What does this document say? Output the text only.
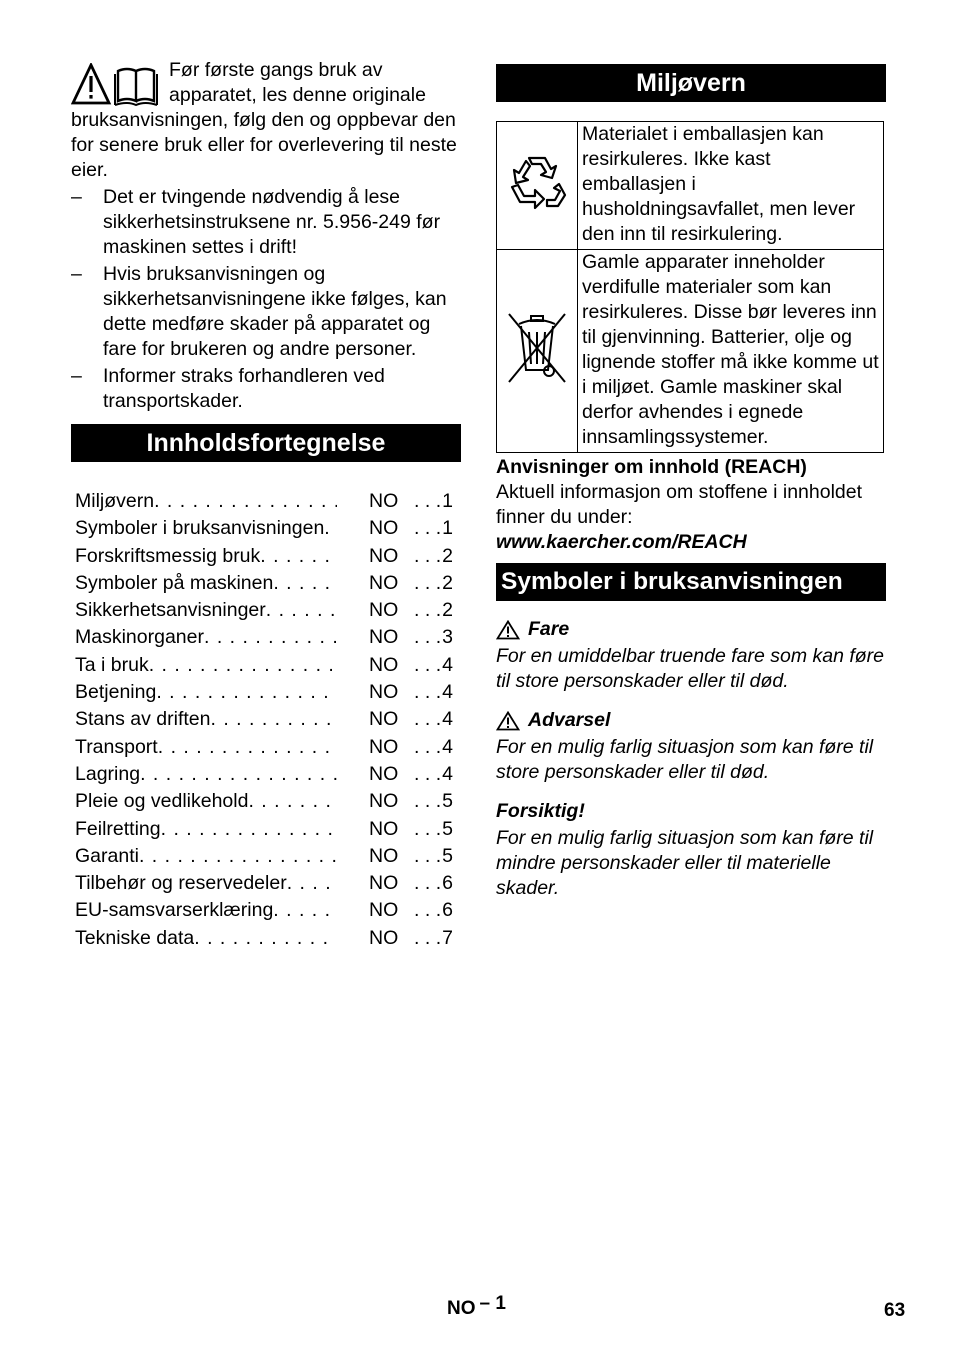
Før første gangs bruk av apparatet, les denne originale bruksanvisningen, følg den og oppbevar den for senere bruk eller for overlevering til neste eier.

– Det er tvingende nødvendig å lese sikkerhetsinstruksene nr. 5.956-249 før maskinen settes i drift!
– Hvis bruksanvisningen og sikkerhetsanvisningene ikke følges, kan dette medføre skader på apparatet og fare for brukeren og andre personer.
– Informer straks forhandleren ved transportskader.
Innholdsfortegnelse
Miljøvern . . .	NO	. . . 1
Symboler i bruksanvisningen . . .	NO	. . . 1
Forskriftsmessig bruk . . .	NO	. . . 2
Symboler på maskinen . . .	NO	. . . 2
Sikkerhetsanvisninger . . .	NO	. . . 2
Maskinorganer . . .	NO	. . . 3
Ta i bruk . . .	NO	. . . 4
Betjening . . .	NO	. . . 4
Stans av driften . . .	NO	. . . 4
Transport . . .	NO	. . . 4
Lagring . . .	NO	. . . 4
Pleie og vedlikehold . . .	NO	. . . 5
Feilretting . . .	NO	. . . 5
Garanti . . .	NO	. . . 5
Tilbehør og reservedeler . . .	NO	. . . 6
EU-samsvarserklæring . . .	NO	. . . 6
Tekniske data . . .	NO	. . . 7
Miljøvern
	Materialet i emballasjen kan resirkuleres. Ikke kast emballasjen i husholdningsavfallet, men lever den inn til resirkulering.
	Gamle apparater inneholder verdifulle materialer som kan resirkuleres. Disse bør leveres inn til gjenvinning. Batterier, olje og lignende stoffer må ikke komme ut i miljøet. Gamle maskiner skal derfor avhendes i egnede innsamlingssystemer.
Anvisninger om innhold (REACH)
Aktuell informasjon om stoffene i innholdet finner du under:
www.kaercher.com/REACH
Symboler i bruksanvisningen
Fare
For en umiddelbar truende fare som kan føre til store personskader eller til død.
Advarsel
For en mulig farlig situasjon som kan føre til store personskader eller til død.
Forsiktig!
For en mulig farlig situasjon som kan føre til mindre personskader eller til materielle skader.
NO – 1	63
